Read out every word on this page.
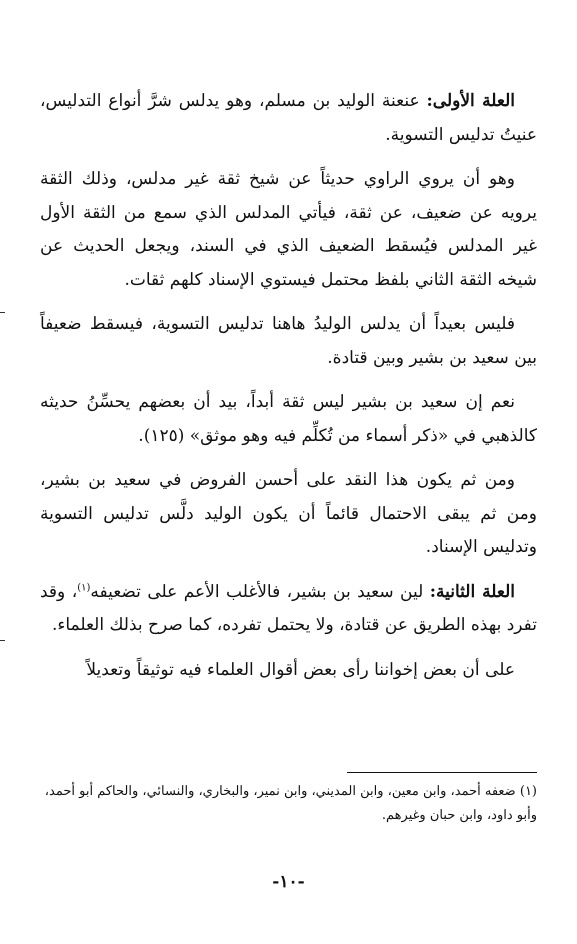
العلة الأولى: عنعنة الوليد بن مسلم، وهو يدلس شرَّ أنواع التدليس، عنيتُ تدليس التسوية.

وهو أن يروي الراوي حديثاً عن شيخ ثقة غير مدلس، وذلك الثقة يرويه عن ضعيف، عن ثقة، فيأتي المدلس الذي سمع من الثقة الأول غير المدلس فيُسقط الضعيف الذي في السند، ويجعل الحديث عن شيخه الثقة الثاني بلفظ محتمل فيستوي الإسناد كلهم ثقات.

فليس بعيداً أن يدلس الوليدُ هاهنا تدليس التسوية، فيسقط ضعيفاً بين سعيد بن بشير وبين قتادة.

نعم إن سعيد بن بشير ليس ثقة أبداً، بيد أن بعضهم يحسِّنُ حديثه كالذهبي في «ذكر أسماء من تُكلِّم فيه وهو موثق» (١٢٥).

ومن ثم يكون هذا النقد على أحسن الفروض في سعيد بن بشير، ومن ثم يبقى الاحتمال قائماً أن يكون الوليد دلَّس تدليس التسوية وتدليس الإسناد.

العلة الثانية: لين سعيد بن بشير، فالأغلب الأعم على تضعيفه$^{(١)}$، وقد تفرد بهذه الطريق عن قتادة، ولا يحتمل تفرده، كما صرح بذلك العلماء.

على أن بعض إخواننا رأى بعض أقوال العلماء فيه توثيقاً وتعديلاً

(١) ضعفه أحمد، وابن معين، وابن المديني، وابن نمير، والبخاري، والنسائي، والحاكم أبو أحمد، وأبو داود، وابن حبان وغيرهم.
-١٠-
